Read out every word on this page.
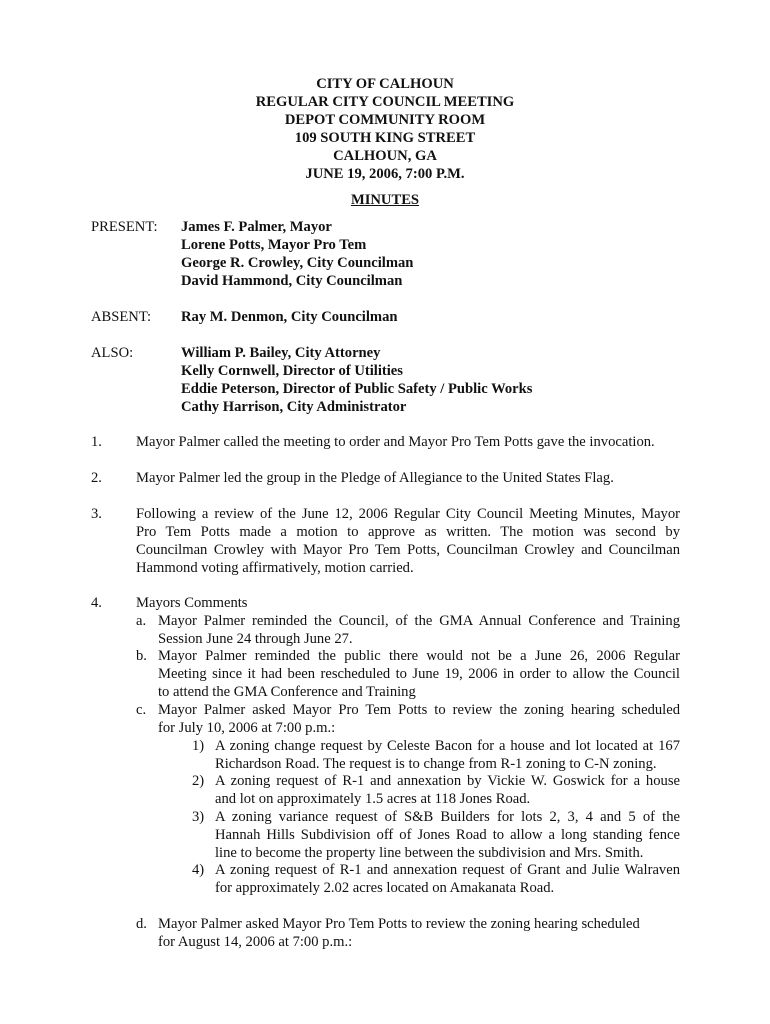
CITY OF CALHOUN
REGULAR CITY COUNCIL MEETING
DEPOT COMMUNITY ROOM
109 SOUTH KING STREET
CALHOUN, GA
JUNE 19, 2006, 7:00 P.M.
MINUTES
PRESENT: James F. Palmer, Mayor
Lorene Potts, Mayor Pro Tem
George R. Crowley, City Councilman
David Hammond, City Councilman
ABSENT: Ray M. Denmon, City Councilman
ALSO:	William P. Bailey, City Attorney
Kelly Cornwell, Director of Utilities
Eddie Peterson, Director of Public Safety / Public Works
Cathy Harrison, City Administrator
1. Mayor Palmer called the meeting to order and Mayor Pro Tem Potts gave the invocation.
2. Mayor Palmer led the group in the Pledge of Allegiance to the United States Flag.
3. Following a review of the June 12, 2006 Regular City Council Meeting Minutes, Mayor
Pro Tem Potts made a motion to approve as written. The motion was second by
Councilman Crowley with Mayor Pro Tem Potts, Councilman Crowley and Councilman
Hammond voting affirmatively, motion carried.
4. Mayors Comments
a. Mayor Palmer reminded the Council, of the GMA Annual Conference and Training
Session June 24 through June 27.
b. Mayor Palmer reminded the public there would not be a June 26, 2006 Regular
Meeting since it had been rescheduled to June 19, 2006 in order to allow the Council
to attend the GMA Conference and Training
c. Mayor Palmer asked Mayor Pro Tem Potts to review the zoning hearing scheduled
for July 10, 2006 at 7:00 p.m.:
1) A zoning change request by Celeste Bacon for a house and lot located at 167
Richardson Road. The request is to change from R-1 zoning to C-N zoning.
2) A zoning request of R-1 and annexation by Vickie W. Goswick for a house
and lot on approximately 1.5 acres at 118 Jones Road.
3) A zoning variance request of S&B Builders for lots 2, 3, 4 and 5 of the
Hannah Hills Subdivision off of Jones Road to allow a long standing fence
line to become the property line between the subdivision and Mrs. Smith.
4) A zoning request of R-1 and annexation request of Grant and Julie Walraven
for approximately 2.02 acres located on Amakanata Road.
d. Mayor Palmer asked Mayor Pro Tem Potts to review the zoning hearing scheduled
for August 14, 2006 at 7:00 p.m.:
